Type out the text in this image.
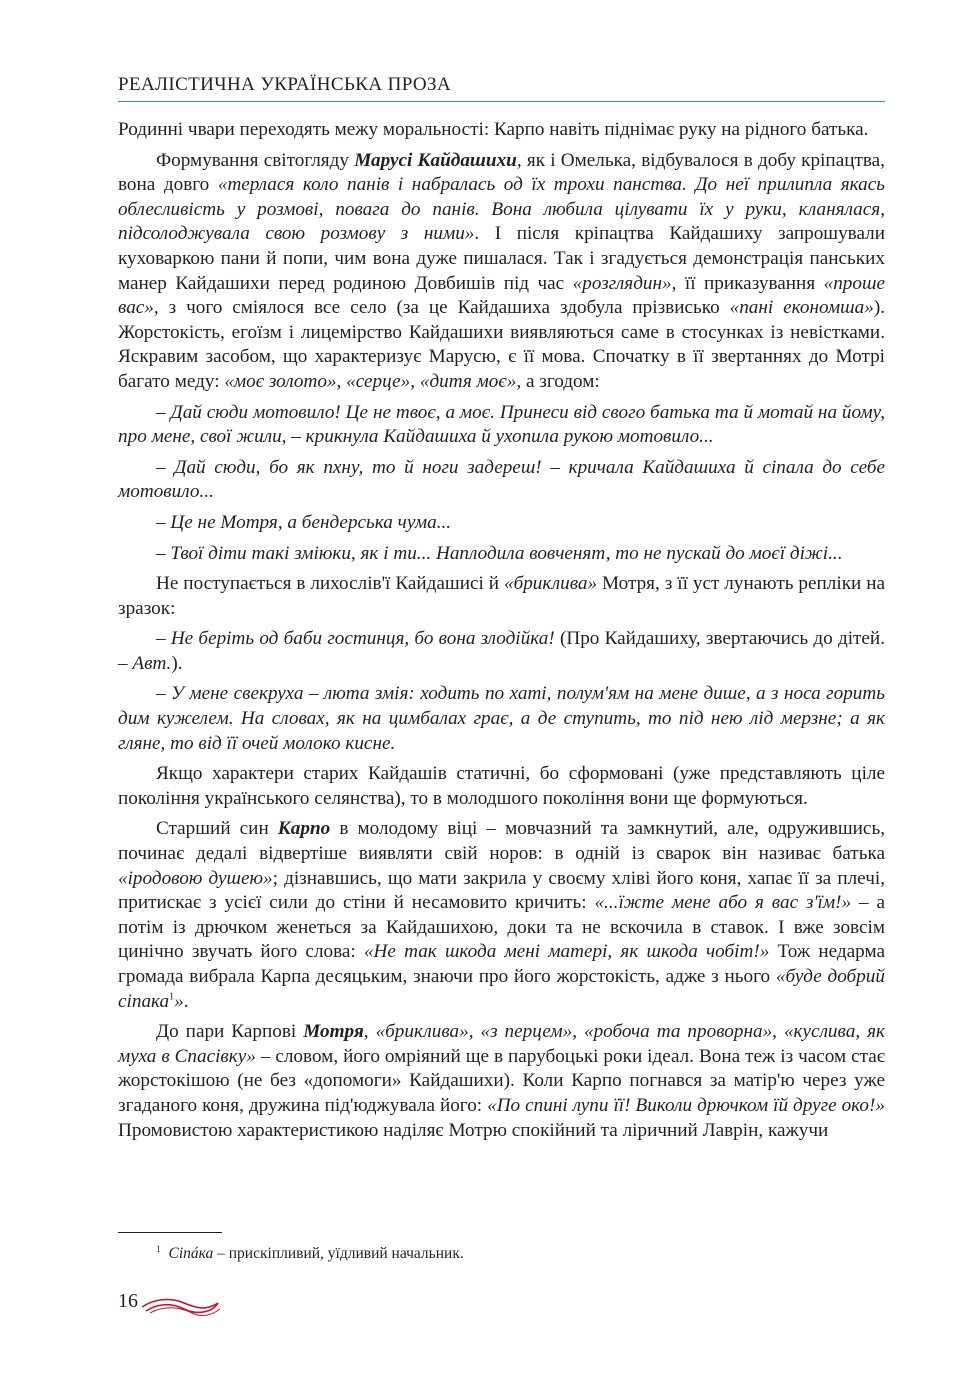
РЕАЛІСТИЧНА УКРАЇНСЬКА ПРОЗА

Родинні чвари переходять межу моральності: Карпо навіть піднімає руку на рідного батька.

Формування світогляду Марусі Кайдашихи, як і Омелька, відбувалося в добу кріпацтва, вона довго «терлася коло панів і набралась од їх трохи панства. До неї прилипла якась облесливість у розмові, повага до панів. Вона любила цілувати їх у руки, кланялася, підсолоджувала свою розмову з ними». І після кріпацтва Кайдашиху запрошували куховаркою пани й попи, чим вона дуже пишалася. Так і згадується демонстрація панських манер Кайдашихи перед родиною Довбишів під час «розглядин», її приказування «проше вас», з чого сміялося все село (за це Кайдашиха здобула прізвисько «пані економша»). Жорстокість, егоїзм і лицемірство Кайдашихи виявляються саме в стосунках із невістками. Яскравим засобом, що характеризує Марусю, є її мова. Спочатку в її звертаннях до Мотрі багато меду: «моє золото», «серце», «дитя моє», а згодом:

– Дай сюди мотовило! Це не твоє, а моє. Принеси від свого батька та й мотай на йому, про мене, свої жили, – крикнула Кайдашиха й ухопила рукою мотовило...

– Дай сюди, бо як пхну, то й ноги задереш! – кричала Кайдашиха й сіпала до себе мотовило...

– Це не Мотря, а бендерська чума...

– Твої діти такі зміюки, як і ти... Наплодила вовченят, то не пускай до моєї діжі...

Не поступається в лихослів'ї Кайдашисі й «бриклива» Мотря, з її уст лунають репліки на зразок:

– Не беріть од баби гостинця, бо вона злодійка! (Про Кайдашиху, звертаючись до дітей. – Авт.).

– У мене свекруха – люта змія: ходить по хаті, полум'ям на мене дише, а з носа горить дим кужелем. На словах, як на цимбалах грає, а де ступить, то під нею лід мерзне; а як гляне, то від її очей молоко кисне.

Якщо характери старих Кайдашів статичні, бо сформовані (уже представляють ціле покоління українського селянства), то в молодшого покоління вони ще формуються.

Старший син Карпо в молодому віці – мовчазний та замкнутий, але, одружившись, починає дедалі відвертіше виявляти свій норов: в одній із сварок він називає батька «іродовою душею»; дізнавшись, що мати закрила у своєму хліві його коня, хапає її за плечі, притискає з усієї сили до стіни й несамовито кричить: «...їжте мене або я вас з'їм!» – а потім із дрючком женеться за Кайдашихою, доки та не вскочила в ставок. І вже зовсім цинічно звучать його слова: «Не так шкода мені матері, як шкода чобіт!» Тож недарма громада вибрала Карпа десяцьким, знаючи про його жорстокість, адже з нього «буде добрий сіпака$^1$».

До пари Карпові Мотря, «бриклива», «з перцем», «робоча та проворна», «куслива, як муха в Спасівку» – словом, його омріяний ще в парубоцькі роки ідеал. Вона теж із часом стає жорстокішою (не без «допомоги» Кайдашихи). Коли Карпо погнався за матір'ю через уже згаданого коня, дружина під'юджувала його: «По спині лупи її! Виколи дрючком їй друге око!» Промовистою характеристикою наділяє Мотрю спокійний та ліричний Лаврін, кажучи

$^1$ Сіпáка – прискіпливий, уїдливий начальник.
16
